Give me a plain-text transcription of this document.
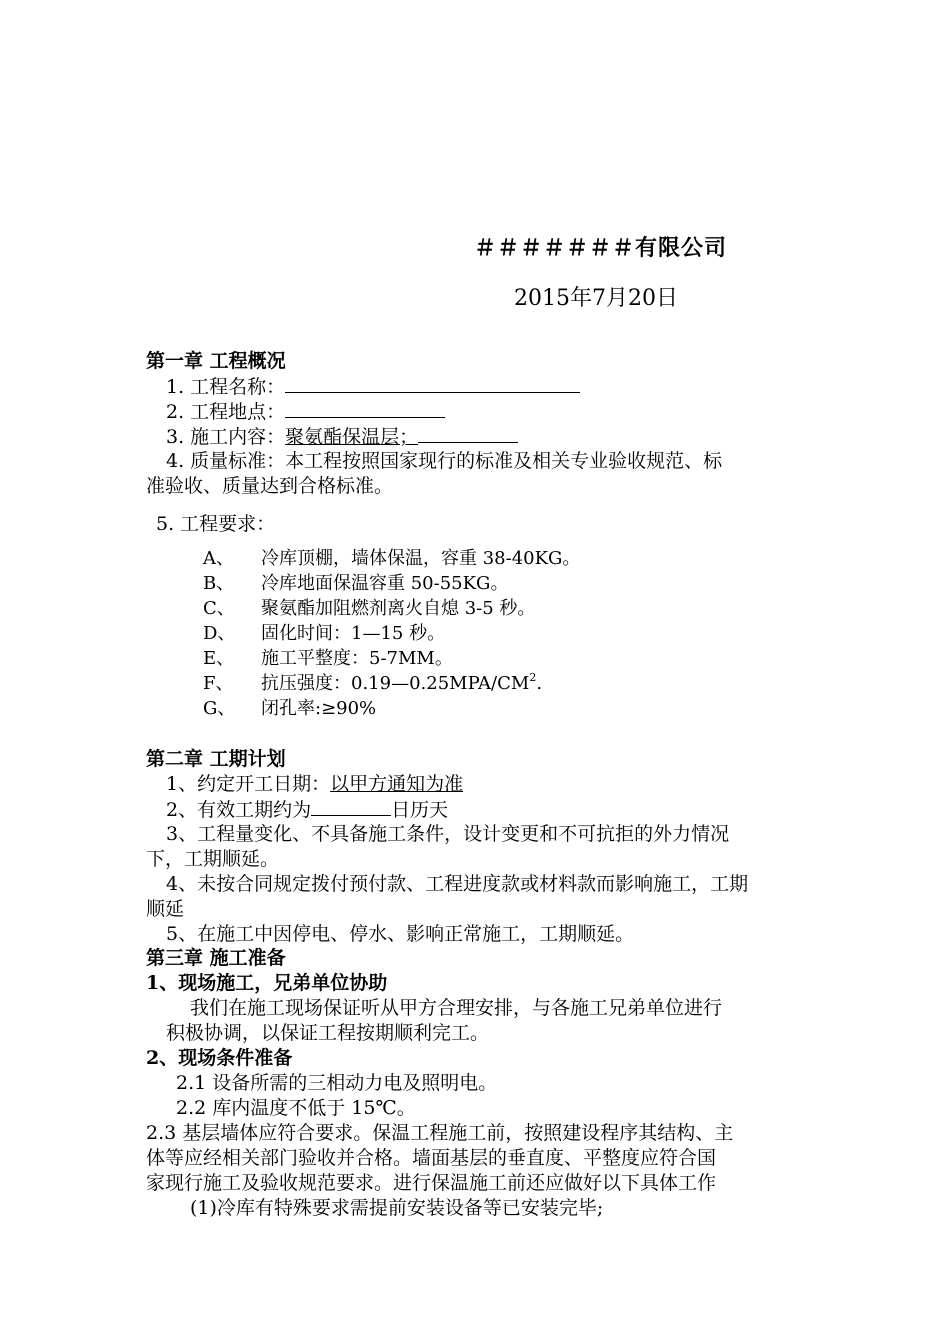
＃＃＃＃＃＃＃有限公司
2015年7月20日
第一章 工程概况
1. 工程名称：
2. 工程地点：
3. 施工内容：聚氨酯保温层；
4. 质量标准：本工程按照国家现行的标准及相关专业验收规范、标
准验收、质量达到合格标准。
5. 工程要求：
A、 冷库顶棚，墙体保温，容重 38-40KG。
B、 冷库地面保温容重 50-55KG。
C、 聚氨酯加阻燃剂离火自熄 3-5 秒。
D、 固化时间：1—15 秒。
E、 施工平整度：5-7MM。
F、 抗压强度：$0.19—0.25MPA/CM^2$.
G、 闭孔率:≥90%
第二章 工期计划
1、约定开工日期：以甲方通知为准
2、有效工期约为	日历天
3、工程量变化、不具备施工条件，设计变更和不可抗拒的外力情况
下，工期顺延。
4、未按合同规定拨付预付款、工程进度款或材料款而影响施工，工期
顺延
5、在施工中因停电、停水、影响正常施工，工期顺延。
第三章 施工准备
1、现场施工，兄弟单位协助
我们在施工现场保证听从甲方合理安排，与各施工兄弟单位进行
积极协调，以保证工程按期顺利完工。
2、现场条件准备
2.1 设备所需的三相动力电及照明电。
2.2 库内温度不低于 15℃。
2.3 基层墙体应符合要求。保温工程施工前，按照建设程序其结构、主
体等应经相关部门验收并合格。墙面基层的垂直度、平整度应符合国
家现行施工及验收规范要求。进行保温施工前还应做好以下具体工作
(1)冷库有特殊要求需提前安装设备等已安装完毕;
